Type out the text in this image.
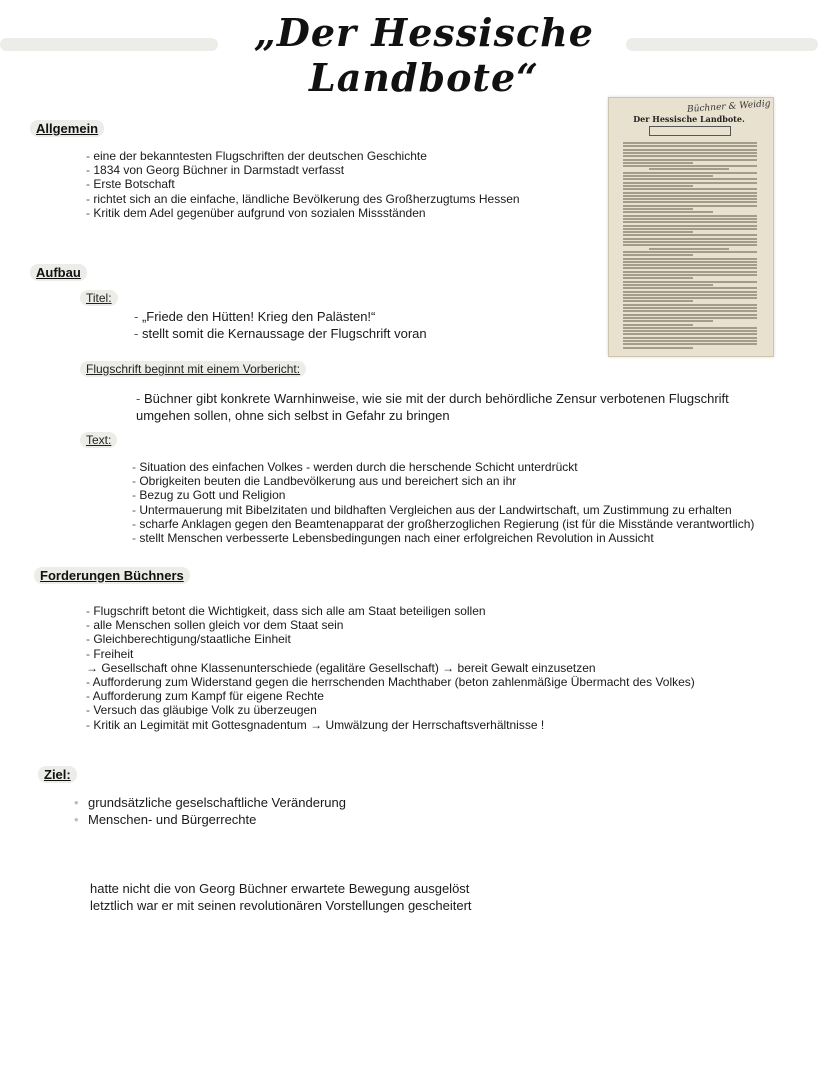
„Der Hessische Landbote“
Büchner & Weidig
Der Hessische Landbote.
Allgemein
- eine der bekanntesten Flugschriften der deutschen Geschichte
- 1834 von Georg Büchner in Darmstadt verfasst
- Erste Botschaft
- richtet sich an die einfache, ländliche Bevölkerung des Großherzugtums Hessen
- Kritik dem Adel gegenüber aufgrund von sozialen Missständen
Aufbau
Titel:
- „Friede den Hütten! Krieg den Palästen!“
- stellt somit die Kernaussage der Flugschrift voran
Flugschrift beginnt mit einem Vorbericht:
- Büchner gibt konkrete Warnhinweise, wie sie mit der durch behördliche Zensur verbotenen Flugschrift umgehen sollen, ohne sich selbst in Gefahr zu bringen
Text:
- Situation des einfachen Volkes - werden durch die herschende Schicht unterdrückt
- Obrigkeiten beuten die Landbevölkerung aus und bereichert sich an ihr
- Bezug zu Gott und Religion
- Untermauerung mit Bibelzitaten und bildhaften Vergleichen aus der Landwirtschaft, um Zustimmung zu erhalten
- scharfe Anklagen gegen den Beamtenapparat der großherzoglichen Regierung (ist für die Misstände verantwortlich)
- stellt Menschen verbesserte Lebensbedingungen nach einer erfolgreichen Revolution in Aussicht
Forderungen Büchners
- Flugschrift betont die Wichtigkeit, dass sich alle am Staat beteiligen sollen
- alle Menschen sollen gleich vor dem Staat sein
- Gleichberechtigung/staatliche Einheit
- Freiheit
→ Gesellschaft ohne Klassenunterschiede (egalitäre Gesellschaft) → bereit Gewalt einzusetzen
- Aufforderung zum Widerstand gegen die herrschenden Machthaber (beton zahlenmäßige Übermacht des Volkes)
- Aufforderung zum Kampf für eigene Rechte
- Versuch das gläubige Volk zu überzeugen
- Kritik an Legimität mit Gottesgnadentum → Umwälzung der Herrschaftsverhältnisse !
Ziel:
• grundsätzliche geselschaftliche Veränderung
• Menschen- und Bürgerrechte
hatte nicht die von Georg Büchner erwartete Bewegung ausgelöst
letztlich war er mit seinen revolutionären Vorstellungen gescheitert
